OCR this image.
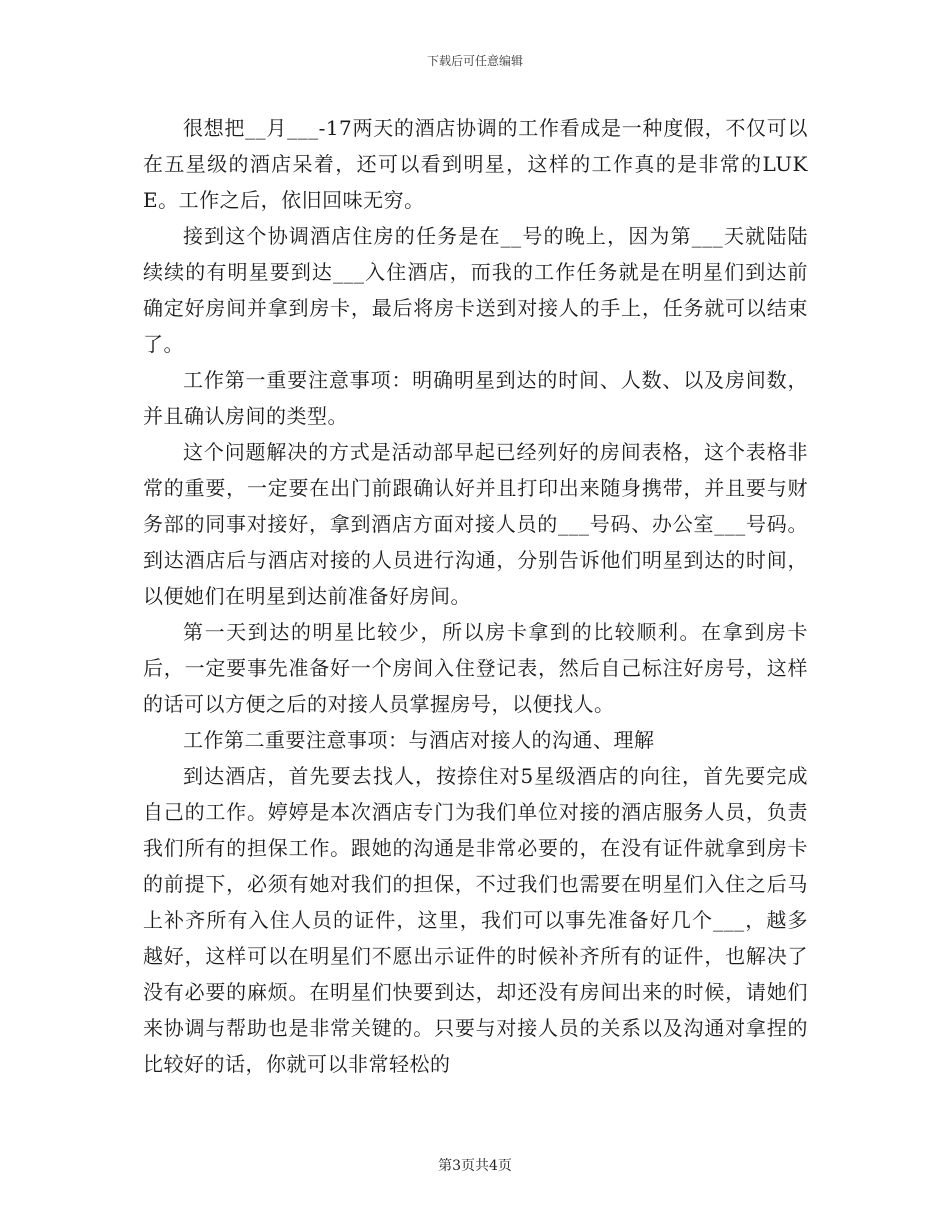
下载后可任意编辑

很想把__月___-17两天的酒店协调的工作看成是一种度假，不仅可以在五星级的酒店呆着，还可以看到明星，这样的工作真的是非常的LUKE。工作之后，依旧回味无穷。

接到这个协调酒店住房的任务是在__号的晚上，因为第___天就陆陆续续的有明星要到达___入住酒店，而我的工作任务就是在明星们到达前确定好房间并拿到房卡，最后将房卡送到对接人的手上，任务就可以结束了。

工作第一重要注意事项：明确明星到达的时间、人数、以及房间数，并且确认房间的类型。

这个问题解决的方式是活动部早起已经列好的房间表格，这个表格非常的重要，一定要在出门前跟确认好并且打印出来随身携带，并且要与财务部的同事对接好，拿到酒店方面对接人员的___号码、办公室___号码。到达酒店后与酒店对接的人员进行沟通，分别告诉他们明星到达的时间，以便她们在明星到达前准备好房间。

第一天到达的明星比较少，所以房卡拿到的比较顺利。在拿到房卡后，一定要事先准备好一个房间入住登记表，然后自己标注好房号，这样的话可以方便之后的对接人员掌握房号，以便找人。

工作第二重要注意事项：与酒店对接人的沟通、理解

到达酒店，首先要去找人，按捺住对5星级酒店的向往，首先要完成自己的工作。婷婷是本次酒店专门为我们单位对接的酒店服务人员，负责我们所有的担保工作。跟她的沟通是非常必要的，在没有证件就拿到房卡的前提下，必须有她对我们的担保，不过我们也需要在明星们入住之后马上补齐所有入住人员的证件，这里，我们可以事先准备好几个___，越多越好，这样可以在明星们不愿出示证件的时候补齐所有的证件，也解决了没有必要的麻烦。在明星们快要到达，却还没有房间出来的时候，请她们来协调与帮助也是非常关键的。只要与对接人员的关系以及沟通对拿捏的比较好的话，你就可以非常轻松的

第3页共4页
